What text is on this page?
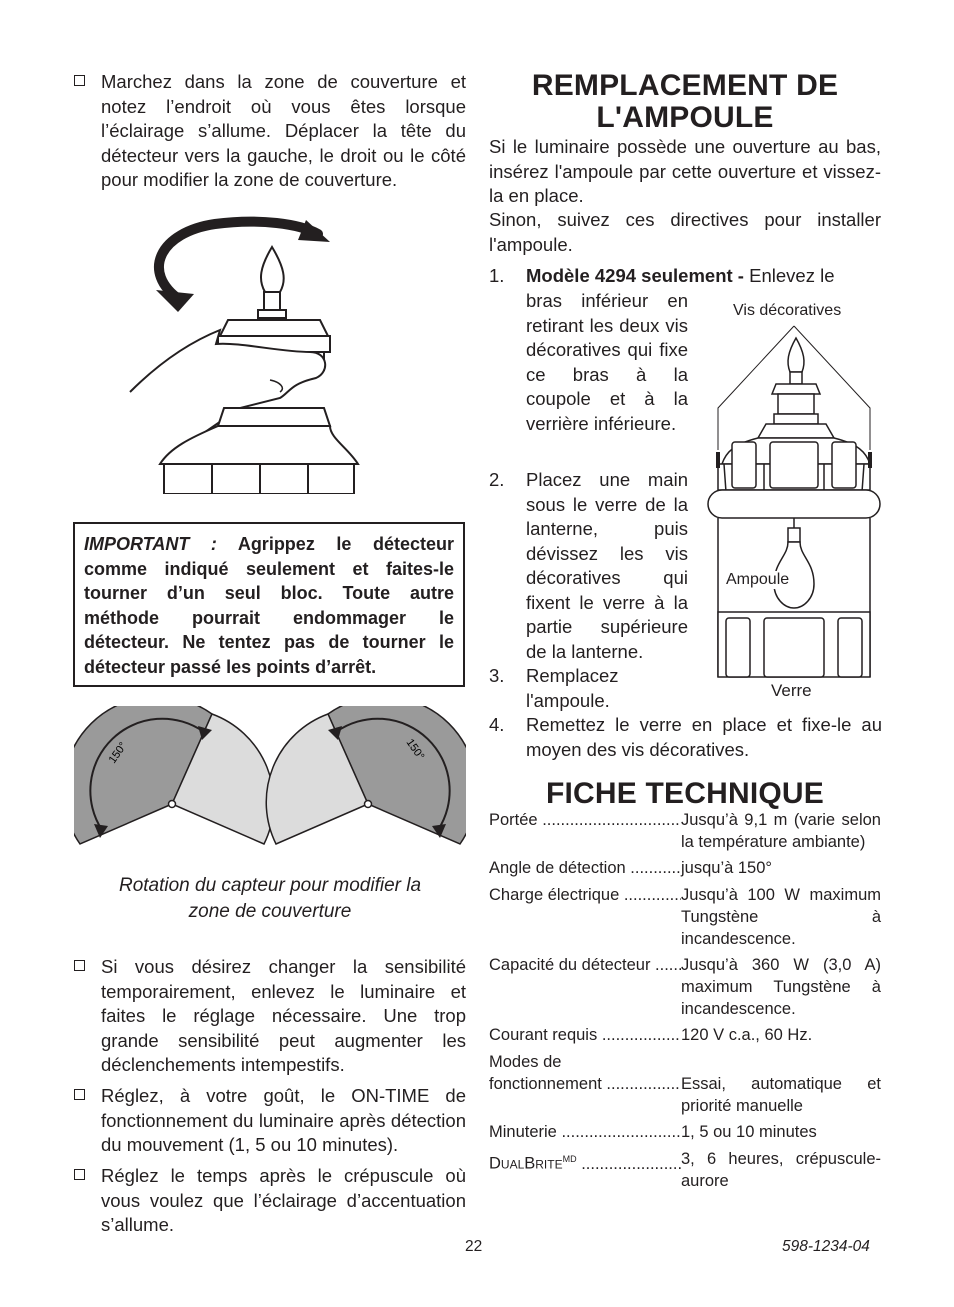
Marchez dans la zone de couverture et notez l’endroit où vous êtes lorsque l’éclairage s’allume. Déplacer la tête du détecteur vers la gauche, le droit ou le côté pour modifier la zone de couverture.
IMPORTANT : Agrippez le détecteur comme indiqué seulement et faites-le tourner d’un seul bloc. Toute autre méthode pourrait endommager le détecteur. Ne tentez pas de tourner le détecteur passé les points d’arrêt.
150°	150°
Rotation du capteur pour modifier la
zone de couverture
Si vous désirez changer la sensibilité temporairement, enlevez le luminaire et faites le réglage nécessaire. Une trop grande sensibilité peut augmenter les déclenchements intempestifs.
Réglez, à votre goût, le ON-TIME de fonctionnement du luminaire après détection du mouvement (1, 5 ou 10 minutes).
Réglez le temps après le crépuscule où vous voulez que l’éclairage d’accentuation s’allume.
REMPLACEMENT DE
L'AMPOULE
Si le luminaire possède une ouverture au bas, insérez l'ampoule par cette ouverture et vissez-la en place.
Sinon, suivez ces directives pour installer l'ampoule.
1. Modèle 4294 seulement - Enlevez le
bras inférieur en retirant les deux vis décoratives qui fixe ce bras à la coupole et à la verrière inférieure.
2. Placez une main sous le verre de la lanterne, puis dévissez les vis décoratives qui fixent le verre à la partie supérieure de la lanterne.
3. Remplacez l'ampoule.
4. Remettez le verre en place et fixe-le au moyen des vis décoratives.
Vis décoratives
Ampoule
Verre
FICHE TECHNIQUE
Portée .....	Jusqu’à 9,1 m (varie selon la température ambiante)
Angle de détection .....	jusqu’à 150°
Charge électrique .....	Jusqu’à 100 W maximum Tungstène à incandescence.
Capacité du détecteur .....	Jusqu’à 360 W (3,0 A) maximum Tungstène à incandescence.
Courant requis .....	120 V c.a., 60 Hz.
Modes de
fonctionnement .....	Essai, automatique et priorité manuelle
Minuterie .....	1, 5 ou 10 minutes
DualBrite$^{MD}$ .....	3, 6 heures, crépuscule-aurore
22	598-1234-04
